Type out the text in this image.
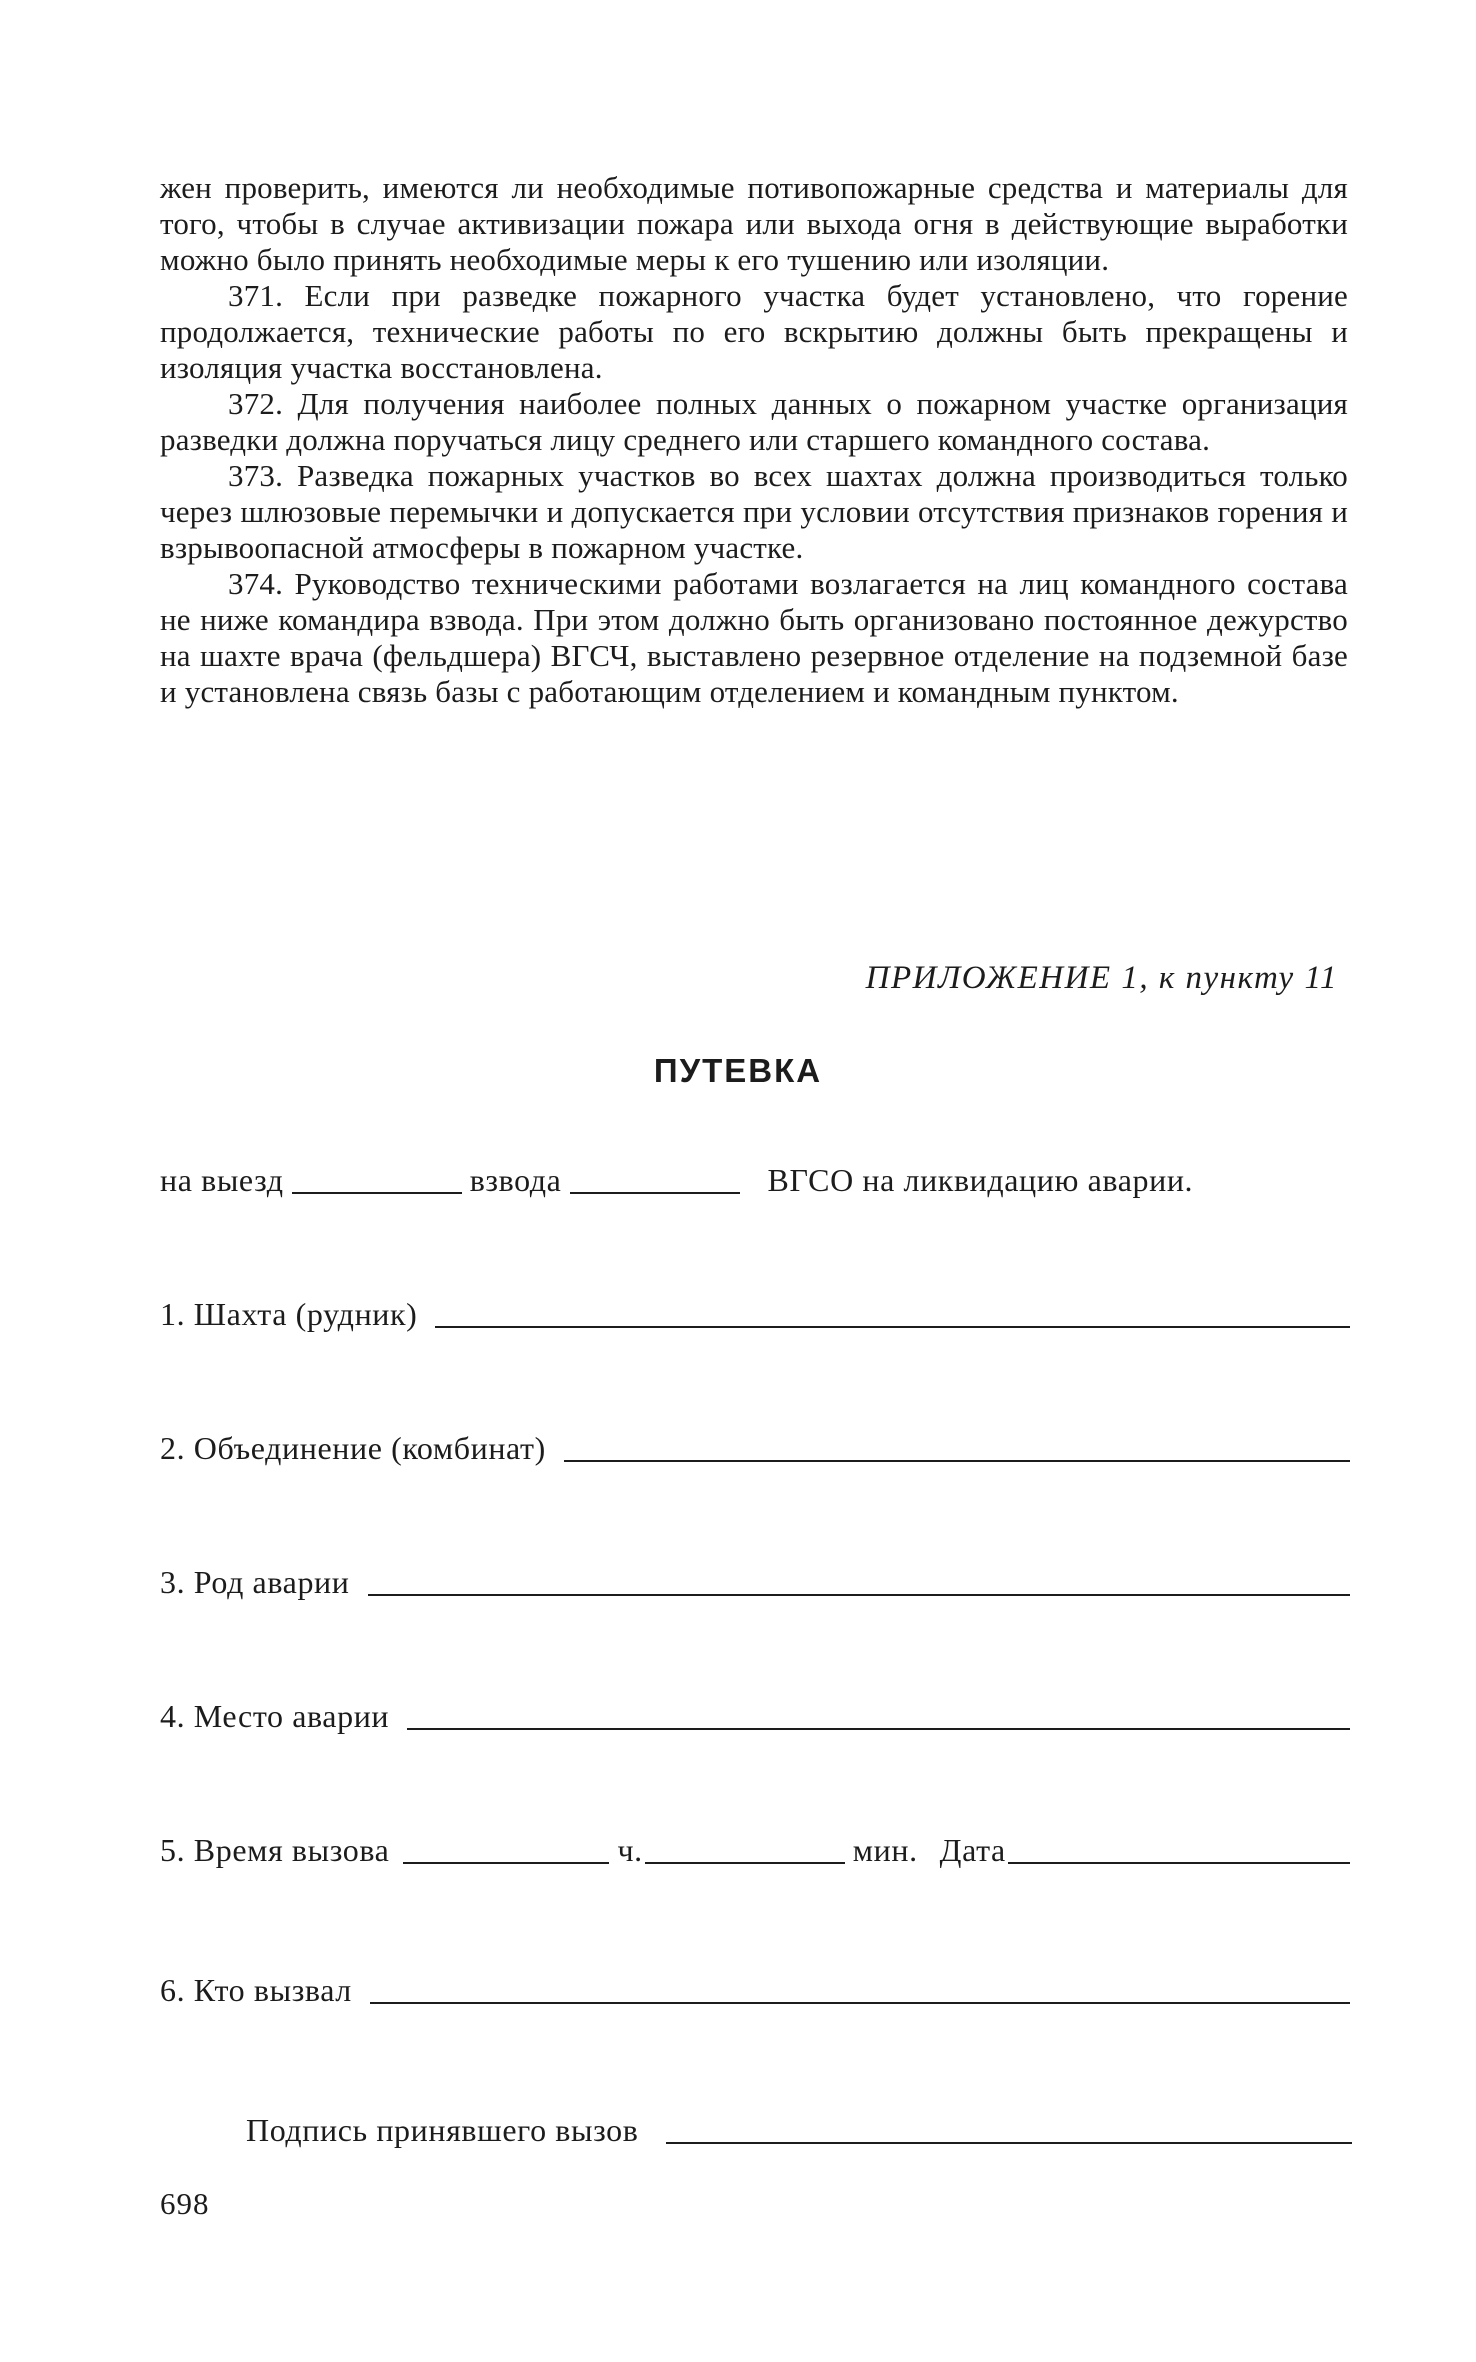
жен проверить, имеются ли необходимые потивопожарные средства и материалы для того, чтобы в случае активизации пожара или выхода огня в действующие выработки можно было принять необходимые меры к его тушению или изоляции.

371. Если при разведке пожарного участка будет установлено, что горение продолжается, технические работы по его вскрытию должны быть прекращены и изоляция участка восстановлена.

372. Для получения наиболее полных данных о пожарном участке организация разведки должна поручаться лицу среднего или старшего командного состава.

373. Разведка пожарных участков во всех шахтах должна производиться только через шлюзовые перемычки и допускается при условии отсутствия признаков горения и взрывоопасной атмосферы в пожарном участке.

374. Руководство техническими работами возлагается на лиц командного состава не ниже командира взвода. При этом должно быть организовано постоянное дежурство на шахте врача (фельдшера) ВГСЧ, выставлено резервное отделение на подземной базе и установлена связь базы с работающим отделением и командным пунктом.

ПРИЛОЖЕНИЕ 1, к пункту 11
ПУТЕВКА
на выезд	взвода	ВГСО на ликвидацию аварии.
1. Шахта (рудник)
2. Объединение (комбинат)
3. Род аварии
4. Место аварии
5. Время вызова	ч.	мин. Дата
6. Кто вызвал
Подпись принявшего вызов
698
